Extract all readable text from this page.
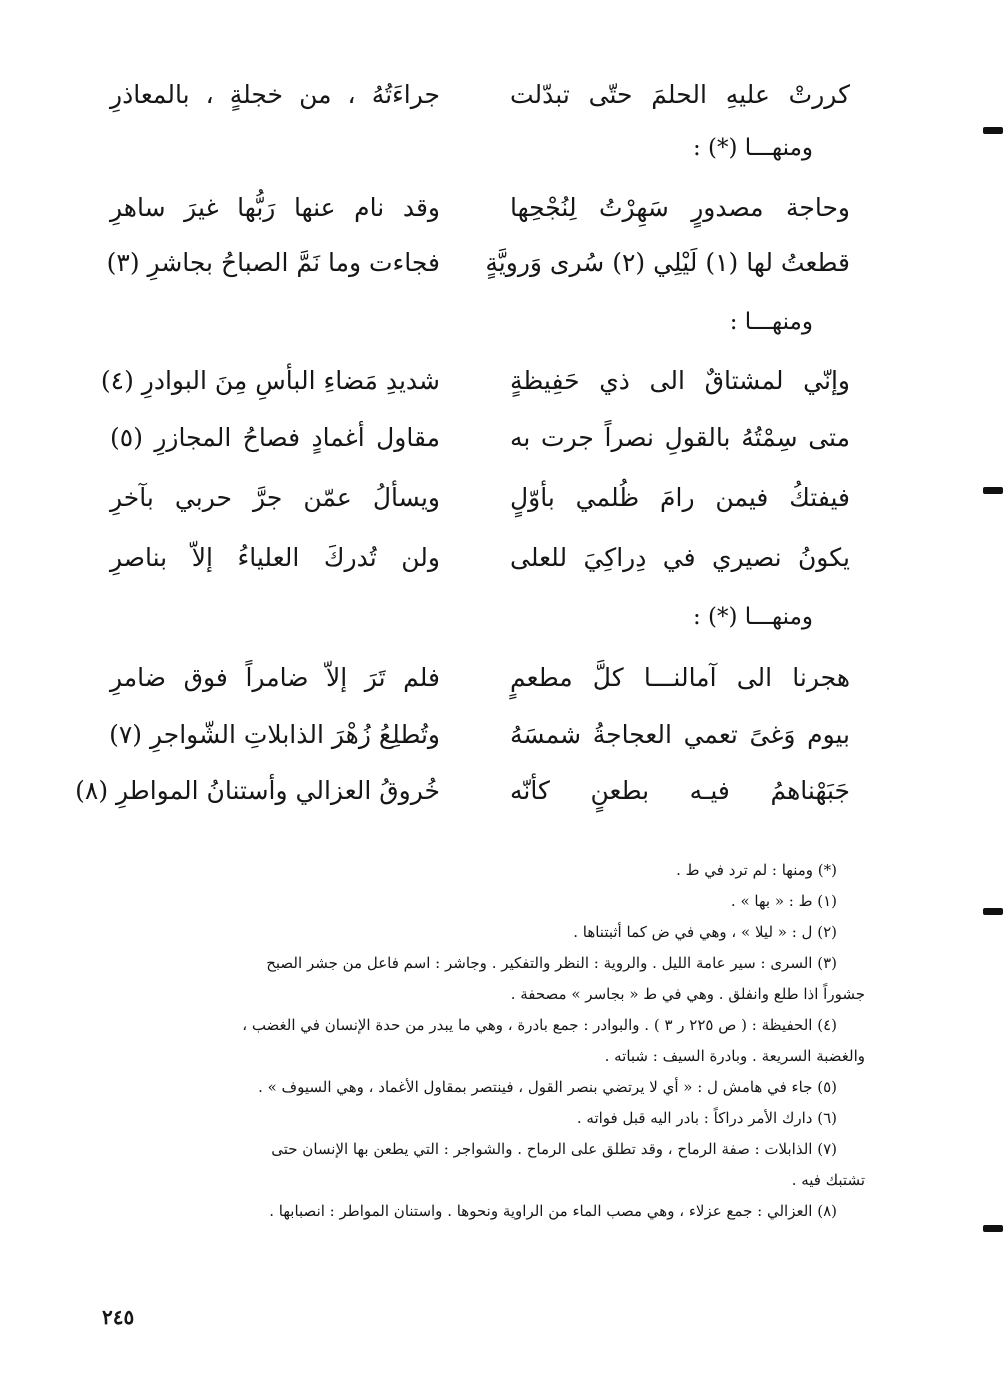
كررتْ عليهِ الحلمَ حتّى تبدّلت
جراءَتُهُ ، من خجلةٍ ، بالمعاذرِ
ومنهـــا (*) :
وحاجة مصدورٍ سَهِرْتُ لِنُجْحِها
وقد نام عنها رَبُّها غيرَ ساهرِ
قطعتُ لها (١) لَيْلِي (٢) سُرى وَرويَّةٍ
فجاءت وما نَمَّ الصباحُ بجاشرِ (٣)
ومنهـــا :
وإنّي لمشتاقٌ الى ذي حَفِيظةٍ
شديدِ مَضاءِ البأسِ مِنَ البوادرِ (٤)
متى سِمْتُهُ بالقولِ نصراً جرت به
مقاول أغمادٍ فصاحُ المجازرِ (٥)
فيفتكُ فيمن رامَ ظُلمي بأوّلٍ
ويسألُ عمّن جرَّ حربي بآخرِ
يكونُ نصيري في دِراكِيَ للعلى
ولن تُدركَ العلياءُ إلاّ بناصرِ
ومنهـــا (*) :
هجرنا الى آمالنـــا كلَّ مطعمٍ
فلم تَرَ إلاّ ضامراً فوق ضامرِ
بيوم وَغىً تعمي العجاجةُ شمسَهُ
وتُطلِعُ زُهْرَ الذابلاتِ الشّواجرِ (٧)
جَبَهْناهمُ فيـه بطعنٍ كأنّه
خُروقُ العزالي وأستنانُ المواطرِ (٨)
(*) ومنها : لم ترد في ط .
(١) ط : « بها » .
(٢) ل : « ليلا » ، وهي في ض كما أثبتناها .
(٣) السرى : سير عامة الليل . والروية : النظر والتفكير . وجاشر : اسم فاعل من جشر الصبح
جشوراً اذا طلع وانفلق . وهي في ط « بجاسر » مصحفة .
(٤) الحفيظة : ( ص ٢٢٥ ر ٣ ) . والبوادر : جمع بادرة ، وهي ما يبدر من حدة الإنسان في الغضب ،
والغضبة السريعة . وبادرة السيف : شباته .
(٥) جاء في هامش ل : « أي لا يرتضي بنصر القول ، فينتصر بمقاول الأغماد ، وهي السيوف » .
(٦) دارك الأمر دراكاً : بادر اليه قبل فواته .
(٧) الذابلات : صفة الرماح ، وقد تطلق على الرماح . والشواجر : التي يطعن بها الإنسان حتى
تشتبك فيه .
(٨) العزالي : جمع عزلاء ، وهي مصب الماء من الراوية ونحوها . واستنان المواطر : انصبابها .
٢٤٥
